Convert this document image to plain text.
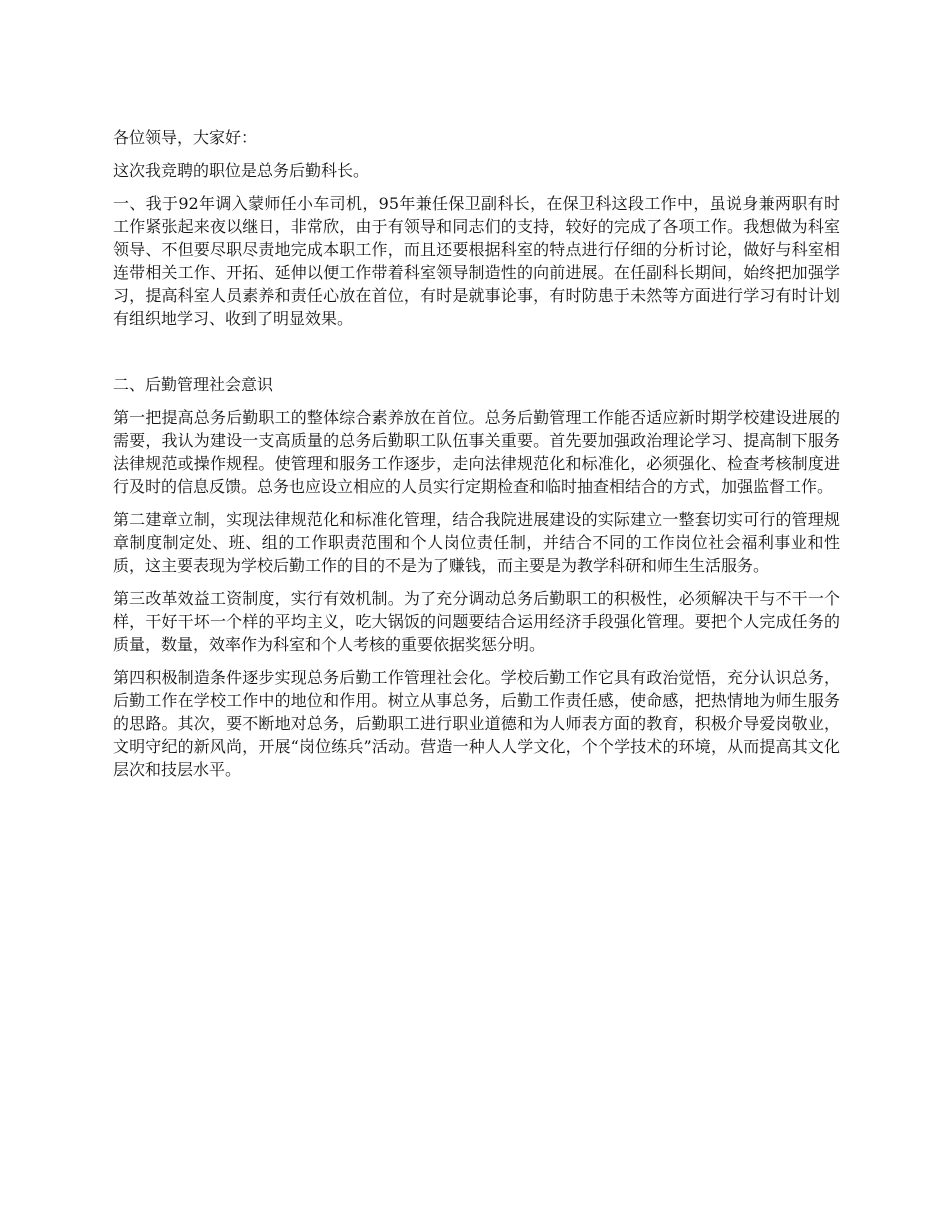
各位领导，大家好：

这次我竞聘的职位是总务后勤科长。

一、我于92年调入蒙师任小车司机，95年兼任保卫副科长，在保卫科这段工作中，虽说身兼两职有时工作紧张起来夜以继日，非常欣，由于有领导和同志们的支持，较好的完成了各项工作。我想做为科室领导、不但要尽职尽责地完成本职工作，而且还要根据科室的特点进行仔细的分析讨论，做好与科室相连带相关工作、开拓、延伸以便工作带着科室领导制造性的向前进展。在任副科长期间，始终把加强学习，提高科室人员素养和责任心放在首位，有时是就事论事，有时防患于未然等方面进行学习有时计划有组织地学习、收到了明显效果。

二、后勤管理社会意识

第一把提高总务后勤职工的整体综合素养放在首位。总务后勤管理工作能否适应新时期学校建设进展的需要，我认为建设一支高质量的总务后勤职工队伍事关重要。首先要加强政治理论学习、提高制下服务法律规范或操作规程。使管理和服务工作逐步，走向法律规范化和标准化，必须强化、检查考核制度进行及时的信息反馈。总务也应设立相应的人员实行定期检查和临时抽查相结合的方式，加强监督工作。

第二建章立制，实现法律规范化和标准化管理，结合我院进展建设的实际建立一整套切实可行的管理规章制度制定处、班、组的工作职责范围和个人岗位责任制，并结合不同的工作岗位社会福利事业和性质，这主要表现为学校后勤工作的目的不是为了赚钱，而主要是为教学科研和师生生活服务。

第三改革效益工资制度，实行有效机制。为了充分调动总务后勤职工的积极性，必须解决干与不干一个样，干好干坏一个样的平均主义，吃大锅饭的问题要结合运用经济手段强化管理。要把个人完成任务的质量，数量，效率作为科室和个人考核的重要依据奖惩分明。

第四积极制造条件逐步实现总务后勤工作管理社会化。学校后勤工作它具有政治觉悟，充分认识总务，后勤工作在学校工作中的地位和作用。树立从事总务，后勤工作责任感，使命感，把热情地为师生服务的思路。其次，要不断地对总务，后勤职工进行职业道德和为人师表方面的教育，积极介导爱岗敬业，文明守纪的新风尚，开展“岗位练兵”活动。营造一种人人学文化，个个学技术的环境，从而提高其文化层次和技层水平。
